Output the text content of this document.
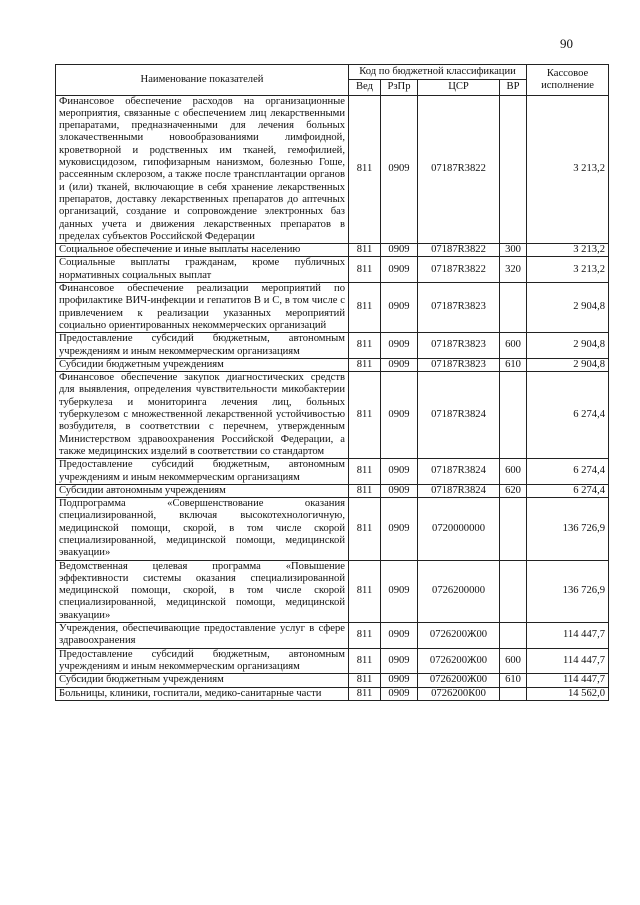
90
Наименование показателей	Код по бюджетной классификации				Кассовое исполнение
	Вед	РзПр	ЦСР	ВР	
Финансовое обеспечение расходов на организационные мероприятия, связанные с обеспечением лиц лекарственными препаратами, предназначенными для лечения больных злокачественными новообразованиями лимфоидной, кроветворной и родственных им тканей, гемофилией, муковисцидозом, гипофизарным нанизмом, болезнью Гоше, рассеянным склерозом, а также после трансплантации органов и (или) тканей, включающие в себя хранение лекарственных препаратов, доставку лекарственных препаратов до аптечных организаций, создание и сопровождение электронных баз данных учета и движения лекарственных препаратов в пределах субъектов Российской Федерации	811	0909	07187R3822		3 213,2
Социальное обеспечение и иные выплаты населению	811	0909	07187R3822	300	3 213,2
Социальные выплаты гражданам, кроме публичных нормативных социальных выплат	811	0909	07187R3822	320	3 213,2
Финансовое обеспечение реализации мероприятий по профилактике ВИЧ-инфекции и гепатитов В и С, в том числе с привлечением к реализации указанных мероприятий социально ориентированных некоммерческих организаций	811	0909	07187R3823		2 904,8
Предоставление субсидий бюджетным, автономным учреждениям и иным некоммерческим организациям	811	0909	07187R3823	600	2 904,8
Субсидии бюджетным учреждениям	811	0909	07187R3823	610	2 904,8
Финансовое обеспечение закупок диагностических средств для выявления, определения чувствительности микобактерии туберкулеза и мониторинга лечения лиц, больных туберкулезом с множественной лекарственной устойчивостью возбудителя, в соответствии с перечнем, утвержденным Министерством здравоохранения Российской Федерации, а также медицинских изделий в соответствии со стандартом	811	0909	07187R3824		6 274,4
Предоставление субсидий бюджетным, автономным учреждениям и иным некоммерческим организациям	811	0909	07187R3824	600	6 274,4
Субсидии автономным учреждениям	811	0909	07187R3824	620	6 274,4
Подпрограмма «Совершенствование оказания специализированной, включая высокотехнологичную, медицинской помощи, скорой, в том числе скорой специализированной, медицинской помощи, медицинской эвакуации»	811	0909	0720000000		136 726,9
Ведомственная целевая программа «Повышение эффективности системы оказания специализированной медицинской помощи, скорой, в том числе скорой специализированной, медицинской помощи, медицинской эвакуации»	811	0909	0726200000		136 726,9
Учреждения, обеспечивающие предоставление услуг в сфере здравоохранения	811	0909	0726200Ж00		114 447,7
Предоставление субсидий бюджетным, автономным учреждениям и иным некоммерческим организациям	811	0909	0726200Ж00	600	114 447,7
Субсидии бюджетным учреждениям	811	0909	0726200Ж00	610	114 447,7
Больницы, клиники, госпитали, медико-санитарные части	811	0909	0726200К00		14 562,0
